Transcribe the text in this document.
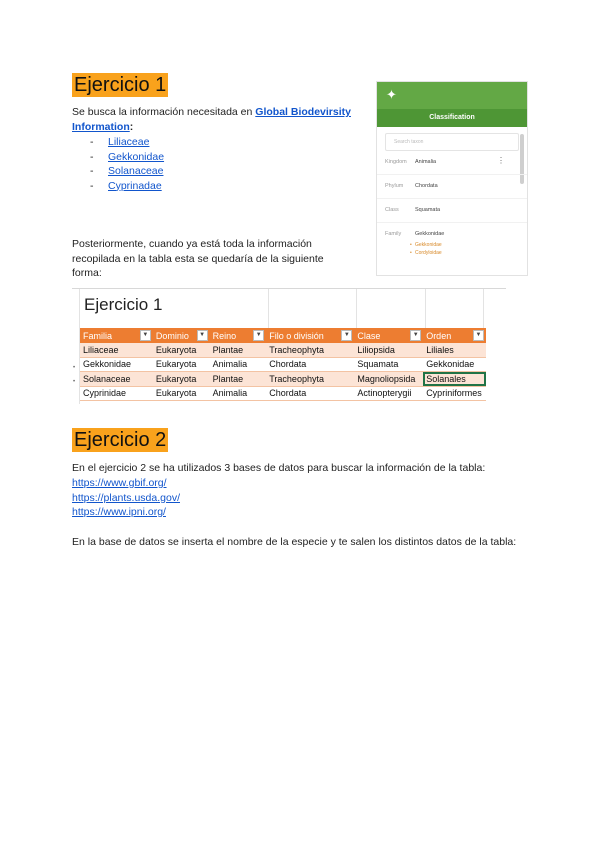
Ejercicio 1
Se busca la información necesitada en Global Biodevirsity Information:
- Liliaceae
- Gekkonidae
- Solanaceae
- Cyprinadae
Posteriormente, cuando ya está toda la información recopilada en la tabla esta se quedaría de la siguiente forma:
✦
Classification
Search taxon
Kingdom Animalia	⋮
Phylum Chordata
Class	Squamata
Family	Gekkonidae
• Gekkonidae
• Cordyloidae
Ejercicio 1
•
•
Familia ▼	Dominio ▼	Reino ▼	Filo o división ▼	Clase ▼	Orden ▼

Liliaceae	Eukaryota	Plantae	Tracheophyta	Liliopsida	Liliales
Gekkonidae	Eukaryota	Animalia	Chordata	Squamata	Gekkonidae
Solanaceae	Eukaryota	Plantae	Tracheophyta	Magnoliopsida	Solanales
Cyprinidae	Eukaryota	Animalia	Chordata	Actinopterygii	Cypriniformes
Ejercicio 2
En el ejercicio 2 se ha utilizados 3 bases de datos para buscar la información de la tabla:
https://www.gbif.org/
https://plants.usda.gov/
https://www.ipni.org/
En la base de datos se inserta el nombre de la especie y te salen los distintos datos de la tabla:
